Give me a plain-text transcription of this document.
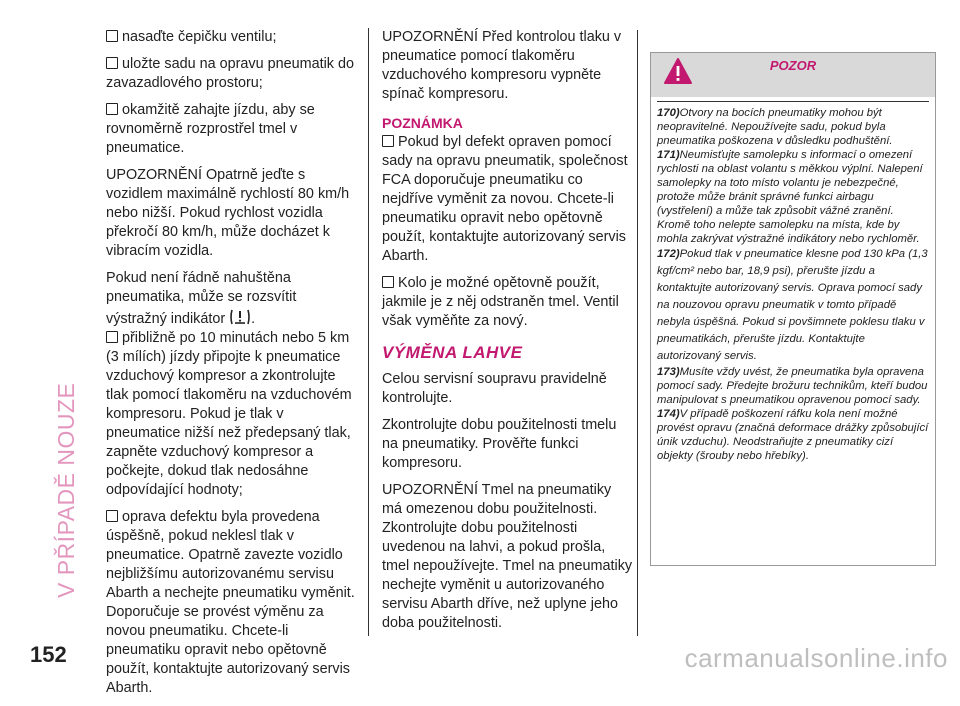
V PŘÍPADĚ NOUZE

nasaďte čepičku ventilu;

uložte sadu na opravu pneumatik do zavazadlového prostoru;

okamžitě zahajte jízdu, aby se rovnoměrně rozprostřel tmel v pneumatice.

UPOZORNĚNÍ Opatrně jeďte s vozidlem maximálně rychlostí 80 km/h nebo nižší. Pokud rychlost vozidla překročí 80 km/h, může docházet k vibracím vozidla.

Pokud není řádně nahuštěna pneumatika, může se rozsvítit výstražný indikátor .

přibližně po 10 minutách nebo 5 km (3 mílích) jízdy připojte k pneumatice vzduchový kompresor a zkontrolujte tlak pomocí tlakoměru na vzduchovém kompresoru. Pokud je tlak v pneumatice nižší než předepsaný tlak, zapněte vzduchový kompresor a počkejte, dokud tlak nedosáhne odpovídající hodnoty;

oprava defektu byla provedena úspěšně, pokud neklesl tlak v pneumatice. Opatrně zavezte vozidlo nejbližšímu autorizovanému servisu Abarth a nechejte pneumatiku vyměnit. Doporučuje se provést výměnu za novou pneumatiku. Chcete-li pneumatiku opravit nebo opětovně použít, kontaktujte autorizovaný servis Abarth.

UPOZORNĚNÍ Před kontrolou tlaku v pneumatice pomocí tlakoměru vzduchového kompresoru vypněte spínač kompresoru.

POZNÁMKA

Pokud byl defekt opraven pomocí sady na opravu pneumatik, společnost FCA doporučuje pneumatiku co nejdříve vyměnit za novou. Chcete-li pneumatiku opravit nebo opětovně použít, kontaktujte autorizovaný servis Abarth.

Kolo je možné opětovně použít, jakmile je z něj odstraněn tmel. Ventil však vyměňte za nový.

VÝMĚNA LAHVE

Celou servisní soupravu pravidelně kontrolujte.

Zkontrolujte dobu použitelnosti tmelu na pneumatiky. Prověřte funkci kompresoru.

UPOZORNĚNÍ Tmel na pneumatiky má omezenou dobu použitelnosti. Zkontrolujte dobu použitelnosti uvedenou na lahvi, a pokud prošla, tmel nepoužívejte. Tmel na pneumatiky nechejte vyměnit u autorizovaného servisu Abarth dříve, než uplyne jeho doba použitelnosti.

POZOR

170)Otvory na bocích pneumatiky mohou být neopravitelné. Nepoužívejte sadu, pokud byla pneumatika poškozena v důsledku podhuštění.

171)Neumisťujte samolepku s informací o omezení rychlosti na oblast volantu s měkkou výplní. Nalepení samolepky na toto místo volantu je nebezpečné, protože může bránit správné funkci airbagu (vystřelení) a může tak způsobit vážné zranění. Kromě toho nelepte samolepku na místa, kde by mohla zakrývat výstražné indikátory nebo rychloměr.

172)Pokud tlak v pneumatice klesne pod 130 kPa (1,3 kgf/cm² nebo bar, 18,9 psi), přerušte jízdu a kontaktujte autorizovaný servis. Oprava pomocí sady na nouzovou opravu pneumatik v tomto případě nebyla úspěšná. Pokud si povšimnete poklesu tlaku v pneumatikách, přerušte jízdu. Kontaktujte autorizovaný servis.

173)Musíte vždy uvést, že pneumatika byla opravena pomocí sady. Předejte brožuru technikům, kteří budou manipulovat s pneumatikou opravenou pomocí sady.

174)V případě poškození ráfku kola není možné provést opravu (značná deformace drážky způsobující únik vzduchu). Neodstraňujte z pneumatiky cizí objekty (šrouby nebo hřebíky).

152	carmanualsonline.info
